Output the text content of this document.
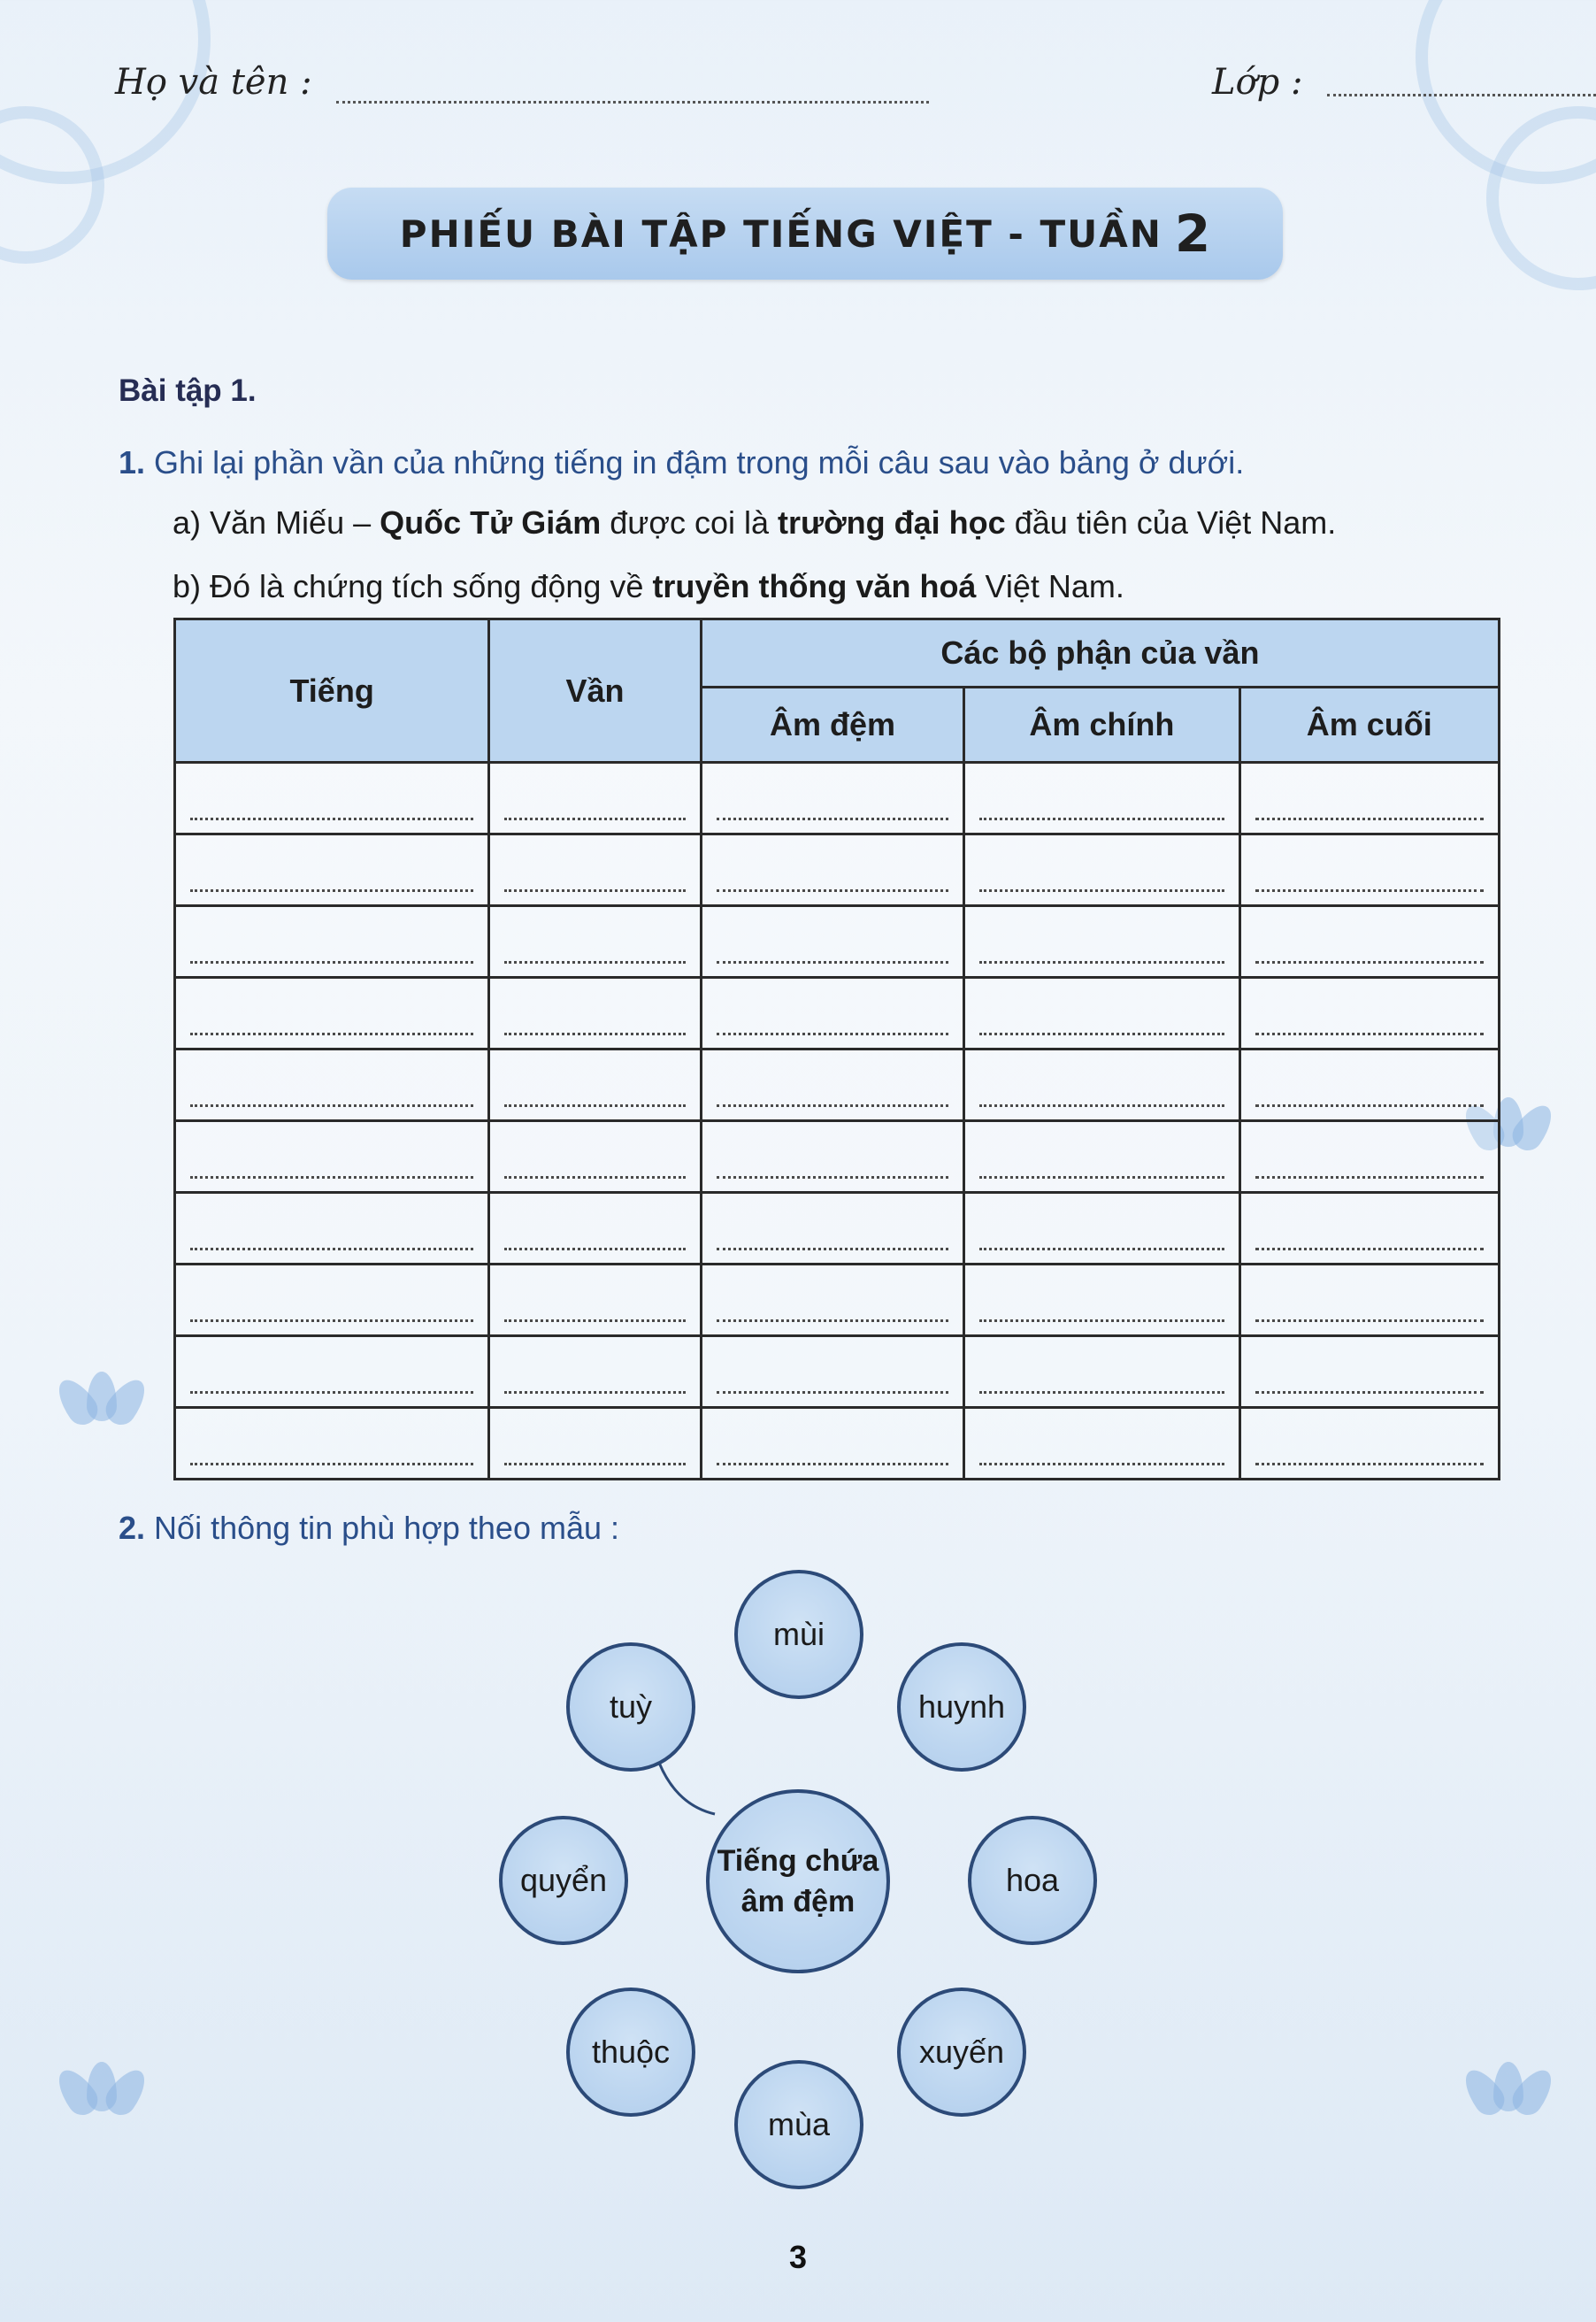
Họ và tên :	Lớp :
PHIẾU BÀI TẬP TIẾNG VIỆT - TUẦN 2
Bài tập 1.
1. Ghi lại phần vần của những tiếng in đậm trong mỗi câu sau vào bảng ở dưới.
a) Văn Miếu – Quốc Tử Giám được coi là trường đại học đầu tiên của Việt Nam.
b) Đó là chứng tích sống động về truyền thống văn hoá Việt Nam.
Tiếng	Vần	Các bộ phận của vần		
		Âm đệm	Âm chính	Âm cuối

2. Nối thông tin phù hợp theo mẫu :
Tiếng chứa
âm đệm
mùi
huynh
hoa
xuyến
mùa
thuộc
quyển
tuỳ
3
